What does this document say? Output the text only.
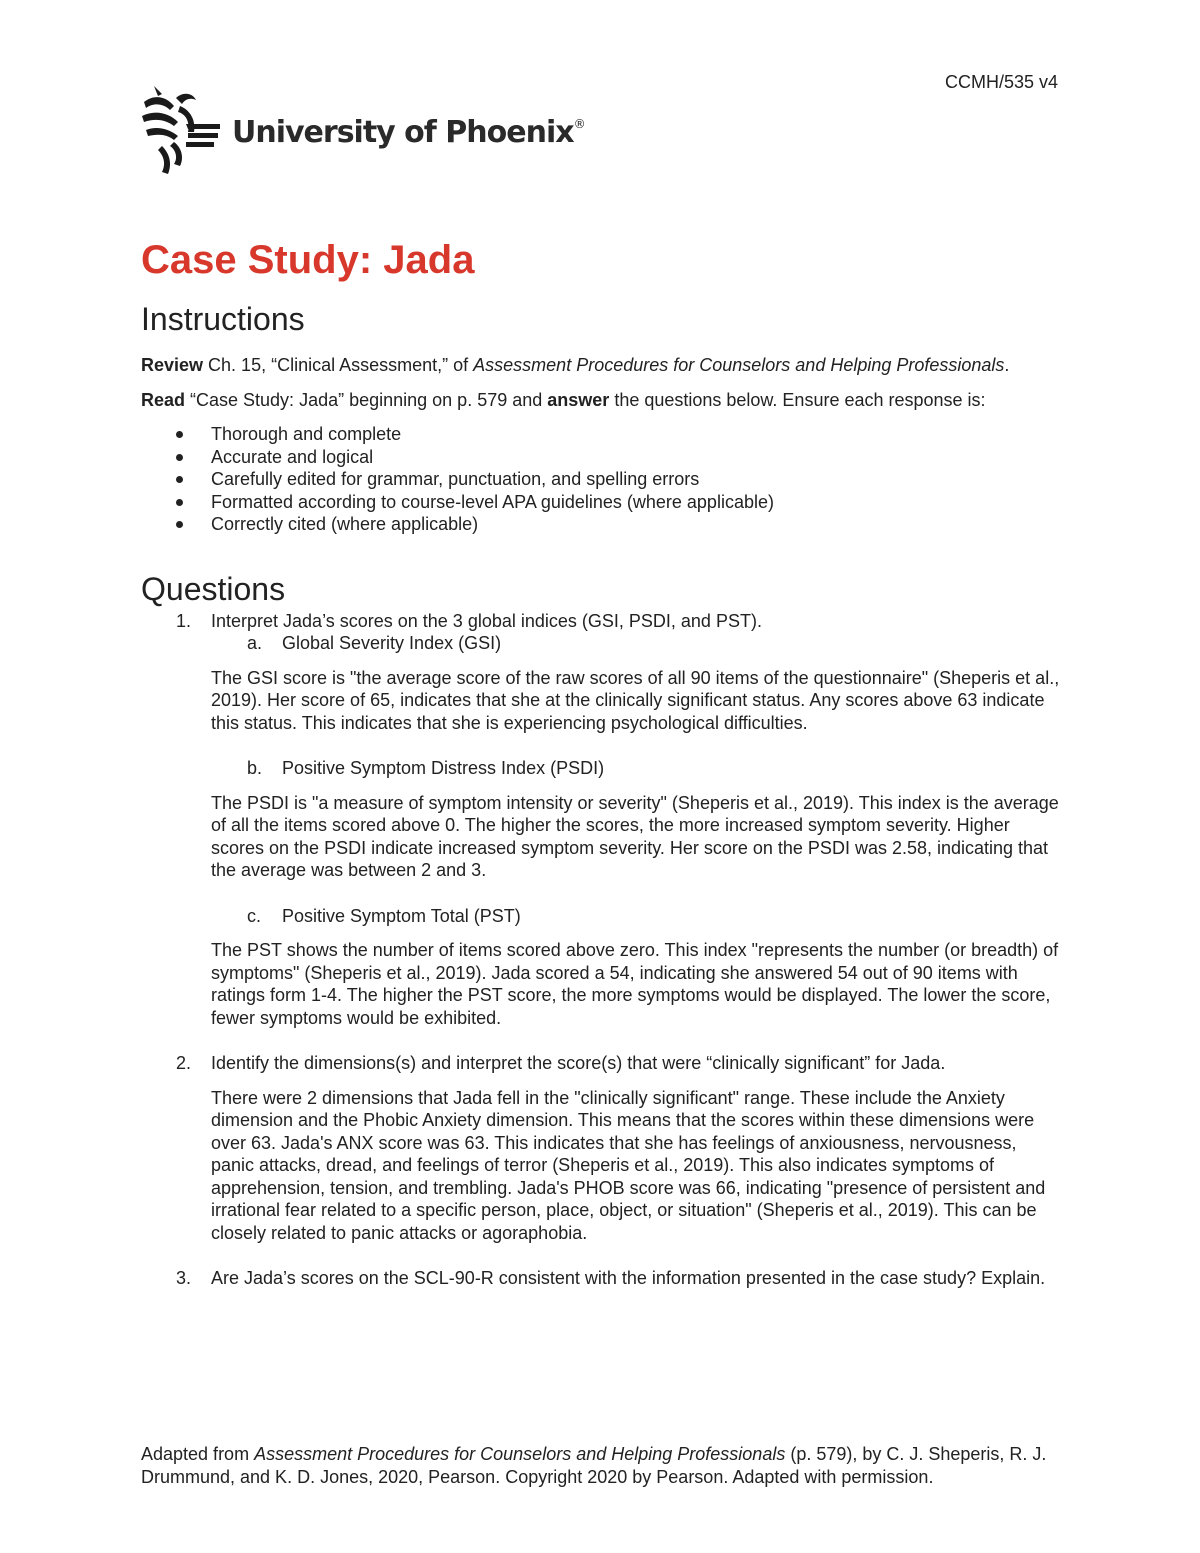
CCMH/535 v4
University of Phoenix®
Case Study: Jada
Instructions

Review Ch. 15, “Clinical Assessment,” of Assessment Procedures for Counselors and Helping Professionals.

Read “Case Study: Jada” beginning on p. 579 and answer the questions below. Ensure each response is:

Thorough and complete
Accurate and logical
Carefully edited for grammar, punctuation, and spelling errors
Formatted according to course-level APA guidelines (where applicable)
Correctly cited (where applicable)
Questions
1. Interpret Jada’s scores on the 3 global indices (GSI, PSDI, and PST).
a. Global Severity Index (GSI)

The GSI score is "the average score of the raw scores of all 90 items of the questionnaire" (Sheperis et al., 2019). Her score of 65, indicates that she at the clinically significant status. Any scores above 63 indicate this status. This indicates that she is experiencing psychological difficulties.

b. Positive Symptom Distress Index (PSDI)

The PSDI is "a measure of symptom intensity or severity" (Sheperis et al., 2019). This index is the average of all the items scored above 0. The higher the scores, the more increased symptom severity. Higher scores on the PSDI indicate increased symptom severity. Her score on the PSDI was 2.58, indicating that the average was between 2 and 3.

c. Positive Symptom Total (PST)

The PST shows the number of items scored above zero. This index "represents the number (or breadth) of symptoms" (Sheperis et al., 2019). Jada scored a 54, indicating she answered 54 out of 90 items with ratings form 1-4. The higher the PST score, the more symptoms would be displayed. The lower the score, fewer symptoms would be exhibited.

2. Identify the dimensions(s) and interpret the score(s) that were “clinically significant” for Jada.

There were 2 dimensions that Jada fell in the "clinically significant" range. These include the Anxiety dimension and the Phobic Anxiety dimension. This means that the scores within these dimensions were over 63. Jada's ANX score was 63. This indicates that she has feelings of anxiousness, nervousness, panic attacks, dread, and feelings of terror (Sheperis et al., 2019). This also indicates symptoms of apprehension, tension, and trembling. Jada's PHOB score was 66, indicating "presence of persistent and irrational fear related to a specific person, place, object, or situation" (Sheperis et al., 2019). This can be closely related to panic attacks or agoraphobia.

3. Are Jada’s scores on the SCL-90-R consistent with the information presented in the case study? Explain.

Adapted from Assessment Procedures for Counselors and Helping Professionals (p. 579), by C. J. Sheperis, R. J. Drummund, and K. D. Jones, 2020, Pearson. Copyright 2020 by Pearson. Adapted with permission.
